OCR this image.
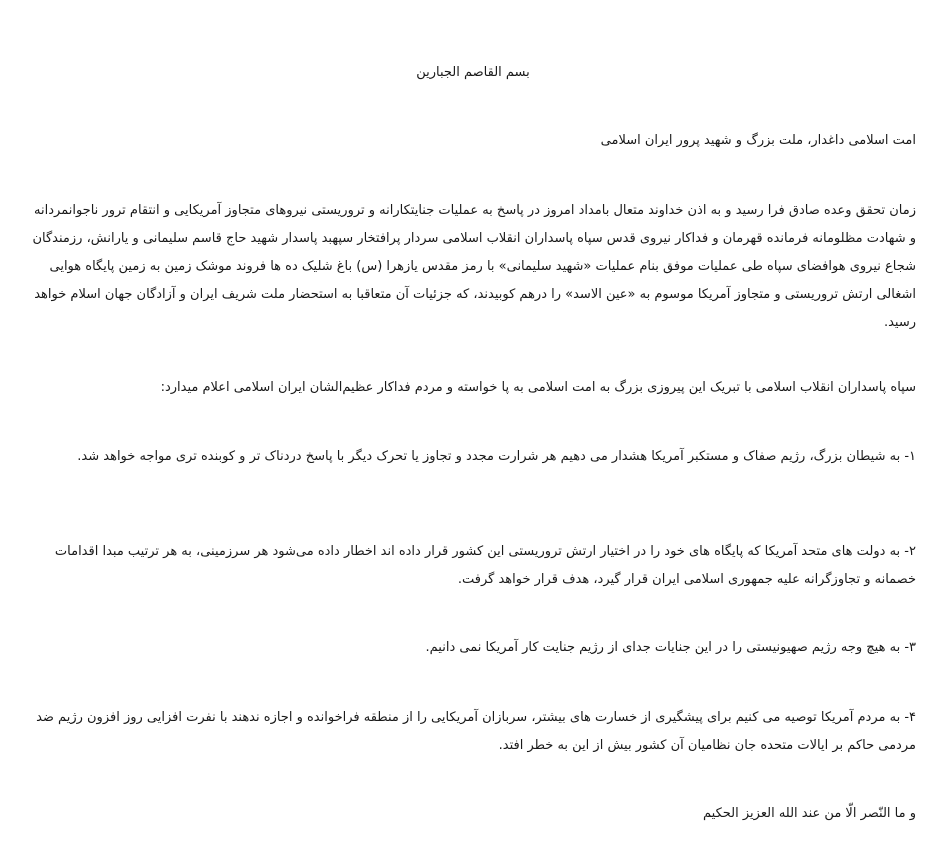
بسم القاصم الجبارين

امت اسلامی داغدار، ملت بزرگ و شهید پرور ایران اسلامی

زمان تحقق وعده صادق فرا رسید و به اذن خداوند متعال بامداد امروز در پاسخ به عملیات جنایتکارانه و تروریستی نیروهای متجاوز آمریکایی و انتقام ترور ناجوانمردانه و شهادت مظلومانه فرمانده قهرمان و فداکار نیروی قدس سپاه پاسداران انقلاب اسلامی سردار پرافتخار سپهبد پاسدار شهید حاج قاسم سلیمانی و یارانش، رزمندگان شجاع نیروی هوافضای سپاه طی عملیات موفق بنام عملیات «شهید سلیمانی» با رمز مقدس یازهرا (س) باغ شلیک ده ها فروند موشک زمین به زمین پایگاه هوایی اشغالی ارتش تروریستی و متجاوز آمریکا موسوم به «عین الاسد» را درهم کوبیدند، که جزئیات آن متعاقبا به استحضار ملت شریف ایران و آزادگان جهان اسلام خواهد رسید.

سپاه پاسداران انقلاب اسلامی با تبریک این پیروزی بزرگ به امت اسلامی به پا خواسته و مردم فداکار عظیم‌الشان ایران اسلامی اعلام میدارد:

۱- به شیطان بزرگ، رژیم صفاک و مستکبر آمریکا هشدار می دهیم هر شرارت مجدد و تجاوز یا تحرک دیگر با پاسخ دردناک تر و کوبنده تری مواجه خواهد شد.

۲- به دولت های متحد آمریکا که پایگاه های خود را در اختیار ارتش تروریستی این کشور قرار داده اند اخطار داده می‌شود هر سرزمینی، به هر ترتیب مبدا اقدامات خصمانه و تجاوزگرانه علیه جمهوری اسلامی ایران قرار گیرد، هدف قرار خواهد گرفت.

۳- به هیچ وجه رژیم صهیونیستی را در این جنایات جدای از رژیم جنایت کار آمریکا نمی دانیم.

۴- به مردم آمریکا توصیه می کنیم برای پیشگیری از خسارت های بیشتر، سربازان آمریکایی را از منطقه فراخوانده و اجازه ندهند با نفرت افزایی روز افزون رژیم ضد مردمی حاکم بر ایالات متحده جان نظامیان آن کشور بیش از این به خطر افتد.

و ما النّصر الّا من عند الله العزیز الحکیم
